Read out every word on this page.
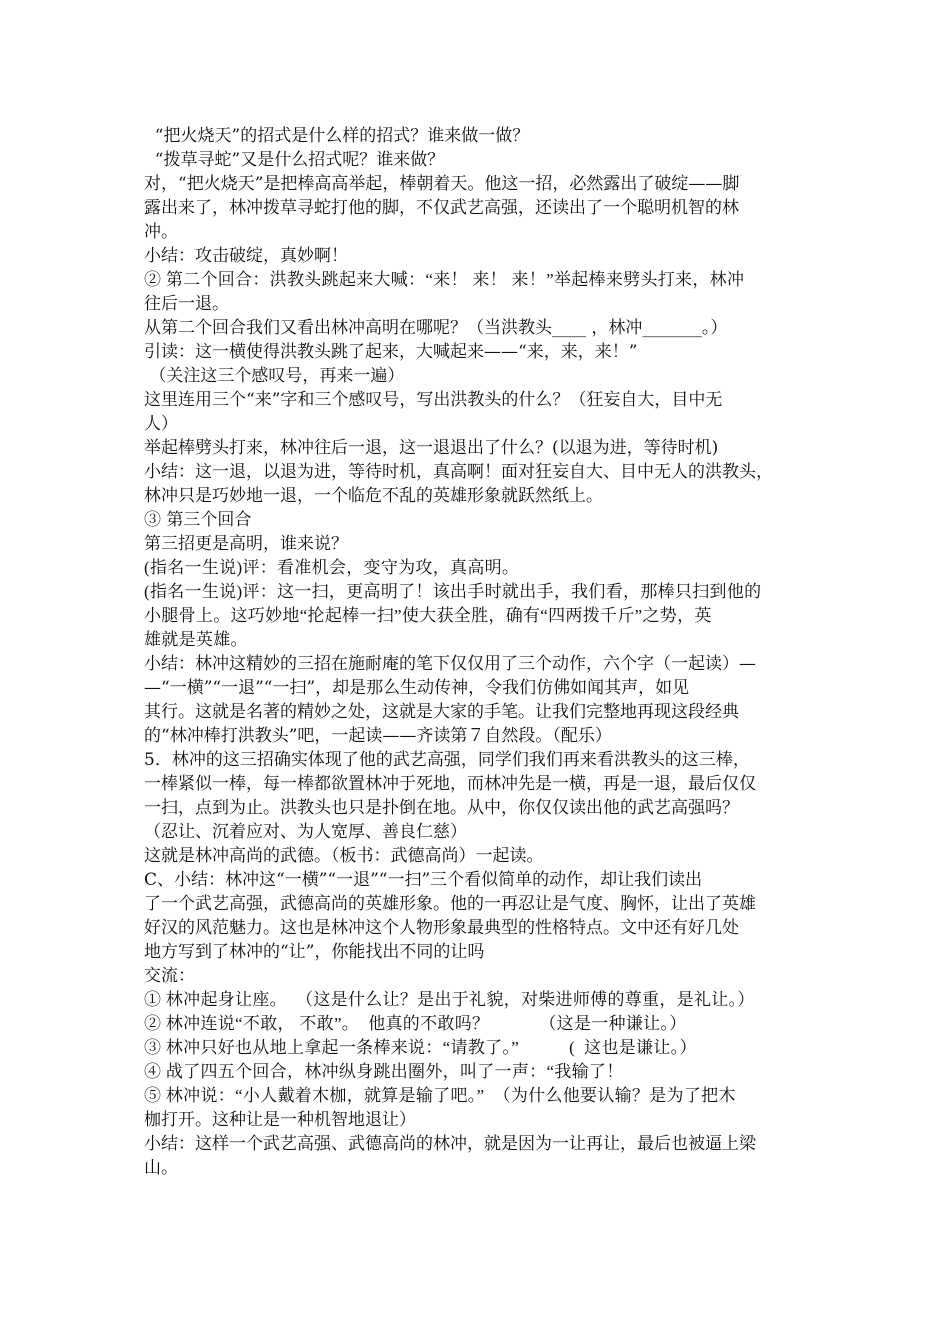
“把火烧天”的招式是什么样的招式？谁来做一做？
“拨草寻蛇”又是什么招式呢？谁来做？
对，“把火烧天”是把棒高高举起，棒朝着天。他这一招，必然露出了破绽——脚
露出来了，林冲拨草寻蛇打他的脚，不仅武艺高强，还读出了一个聪明机智的林
冲。
小结：攻击破绽，真妙啊！
② 第二个回合：洪教头跳起来大喊：“来！ 来！ 来！”举起棒来劈头打来，林冲
往后一退。
从第二个回合我们又看出林冲高明在哪呢？（当洪教头____ ，林冲_______。）
引读：这一横使得洪教头跳了起来，大喊起来——“来，来，来！”
（关注这三个感叹号，再来一遍）
这里连用三个“来”字和三个感叹号，写出洪教头的什么？（狂妄自大，目中无
人）
举起棒劈头打来，林冲往后一退，这一退退出了什么？(以退为进，等待时机)
小结：这一退，以退为进，等待时机，真高啊！面对狂妄自大、目中无人的洪教头，
林冲只是巧妙地一退，一个临危不乱的英雄形象就跃然纸上。
③ 第三个回合
第三招更是高明，谁来说？
(指名一生说)评：看准机会，变守为攻，真高明。
(指名一生说)评：这一扫，更高明了！该出手时就出手，我们看，那棒只扫到他的
小腿骨上。这巧妙地“抡起棒一扫”使大获全胜，确有“四两拨千斤”之势，英
雄就是英雄。
小结：林冲这精妙的三招在施耐庵的笔下仅仅用了三个动作，六个字（一起读）—
—“一横”“一退”“一扫”，却是那么生动传神，令我们仿佛如闻其声，如见
其行。这就是名著的精妙之处，这就是大家的手笔。让我们完整地再现这段经典
的“林冲棒打洪教头”吧，一起读——齐读第７自然段。（配乐）
5．林冲的这三招确实体现了他的武艺高强，同学们我们再来看洪教头的这三棒，
一棒紧似一棒，每一棒都欲置林冲于死地，而林冲先是一横，再是一退，最后仅仅
一扫，点到为止。洪教头也只是扑倒在地。从中，你仅仅读出他的武艺高强吗？
（忍让、沉着应对、为人宽厚、善良仁慈）
这就是林冲高尚的武德。（板书：武德高尚）一起读。
C、小结：林冲这“一横”“一退”“一扫”三个看似简单的动作，却让我们读出
了一个武艺高强，武德高尚的英雄形象。他的一再忍让是气度、胸怀，让出了英雄
好汉的风范魅力。这也是林冲这个人物形象最典型的性格特点。文中还有好几处
地方写到了林冲的“让”，你能找出不同的让吗
交流：
① 林冲起身让座。  （这是什么让？是出于礼貌，对柴进师傅的尊重，是礼让。）
② 林冲连说“不敢， 不敢”。  他真的不敢吗？           （这是一种谦让。）
③ 林冲只好也从地上拿起一条棒来说：“请教了。”           (  这也是谦让。）
④ 战了四五个回合，林冲纵身跳出圈外，叫了一声：“我输了！
⑤ 林冲说：“小人戴着木枷，就算是输了吧。”  （为什么他要认输？是为了把木
枷打开。这种让是一种机智地退让）
小结：这样一个武艺高强、武德高尚的林冲，就是因为一让再让，最后也被逼上梁
山。
